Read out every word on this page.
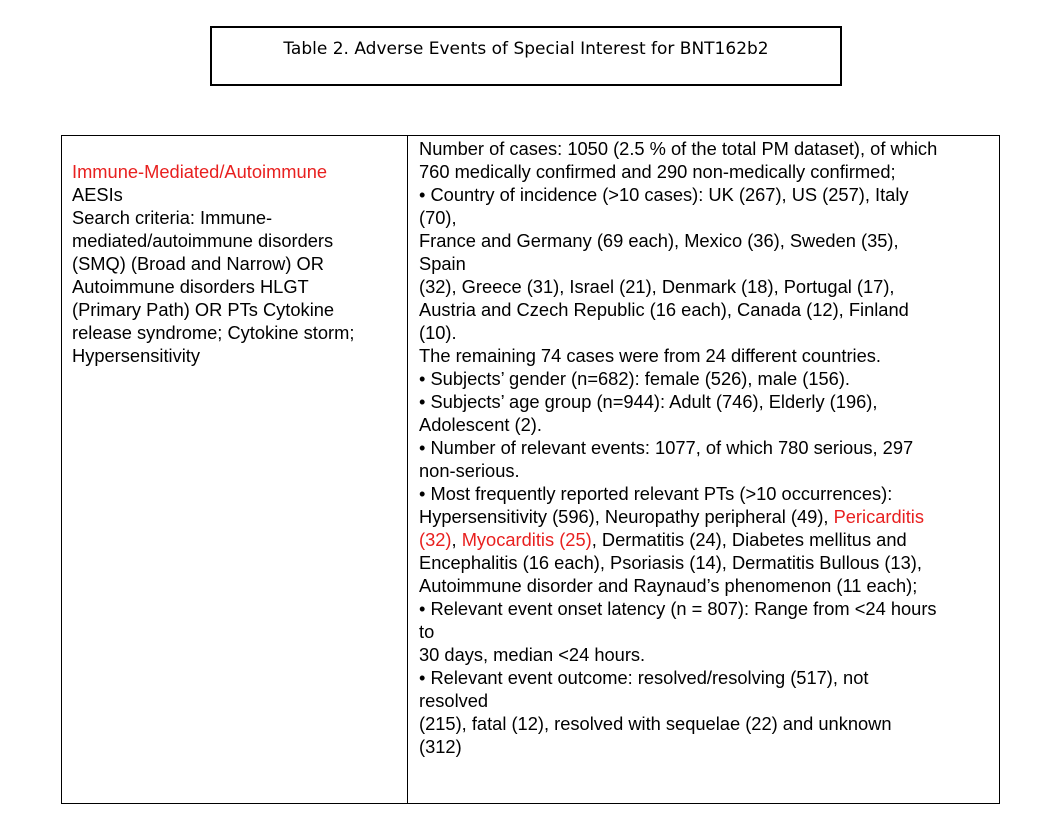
Table 2. Adverse Events of Special Interest for BNT162b2
Immune-Mediated/Autoimmune
AESIs
Search criteria: Immune-
mediated/autoimmune disorders
(SMQ) (Broad and Narrow) OR
Autoimmune disorders HLGT
(Primary Path) OR PTs Cytokine
release syndrome; Cytokine storm;
Hypersensitivity

Number of cases: 1050 (2.5 % of the total PM dataset), of which
760 medically confirmed and 290 non-medically confirmed;
• Country of incidence (>10 cases): UK (267), US (257), Italy
(70),
France and Germany (69 each), Mexico (36), Sweden (35),
Spain
(32), Greece (31), Israel (21), Denmark (18), Portugal (17),
Austria and Czech Republic (16 each), Canada (12), Finland
(10).
The remaining 74 cases were from 24 different countries.
• Subjects’ gender (n=682): female (526), male (156).
• Subjects’ age group (n=944): Adult (746), Elderly (196),
Adolescent (2).
• Number of relevant events: 1077, of which 780 serious, 297
non-serious.
• Most frequently reported relevant PTs (>10 occurrences):
Hypersensitivity (596), Neuropathy peripheral (49), Pericarditis
(32), Myocarditis (25), Dermatitis (24), Diabetes mellitus and
Encephalitis (16 each), Psoriasis (14), Dermatitis Bullous (13),
Autoimmune disorder and Raynaud’s phenomenon (11 each);
• Relevant event onset latency (n = 807): Range from <24 hours
to
30 days, median <24 hours.
• Relevant event outcome: resolved/resolving (517), not
resolved
(215), fatal (12), resolved with sequelae (22) and unknown
(312)
